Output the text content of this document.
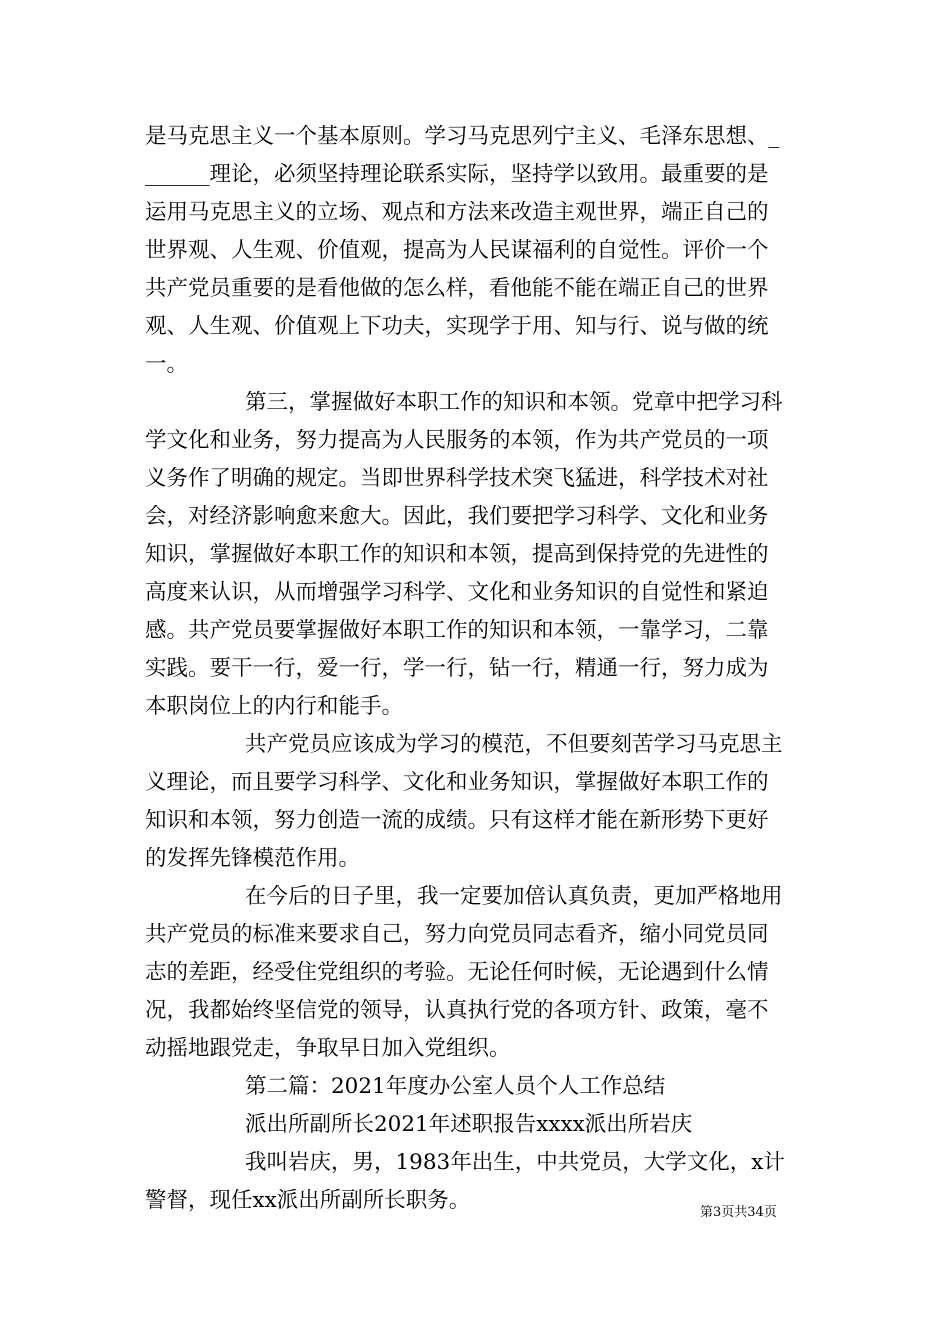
是马克思主义一个基本原则。学习马克思列宁主义、毛泽东思想、_
______理论，必须坚持理论联系实际，坚持学以致用。最重要的是
运用马克思主义的立场、观点和方法来改造主观世界，端正自己的
世界观、人生观、价值观，提高为人民谋福利的自觉性。评价一个
共产党员重要的是看他做的怎么样，看他能不能在端正自己的世界
观、人生观、价值观上下功夫，实现学于用、知与行、说与做的统
一。
第三，掌握做好本职工作的知识和本领。党章中把学习科
学文化和业务，努力提高为人民服务的本领，作为共产党员的一项
义务作了明确的规定。当即世界科学技术突飞猛进，科学技术对社
会，对经济影响愈来愈大。因此，我们要把学习科学、文化和业务
知识，掌握做好本职工作的知识和本领，提高到保持党的先进性的
高度来认识，从而增强学习科学、文化和业务知识的自觉性和紧迫
感。共产党员要掌握做好本职工作的知识和本领，一靠学习，二靠
实践。要干一行，爱一行，学一行，钻一行，精通一行，努力成为
本职岗位上的内行和能手。
共产党员应该成为学习的模范，不但要刻苦学习马克思主
义理论，而且要学习科学、文化和业务知识，掌握做好本职工作的
知识和本领，努力创造一流的成绩。只有这样才能在新形势下更好
的发挥先锋模范作用。
在今后的日子里，我一定要加倍认真负责，更加严格地用
共产党员的标准来要求自己，努力向党员同志看齐，缩小同党员同
志的差距，经受住党组织的考验。无论任何时候，无论遇到什么情
况，我都始终坚信党的领导，认真执行党的各项方针、政策，毫不
动摇地跟党走，争取早日加入党组织。
第二篇：2021年度办公室人员个人工作总结
派出所副所长2021年述职报告xxxx派出所岩庆
我叫岩庆，男，1983年出生，中共党员，大学文化，x计
警督，现任xx派出所副所长职务。	第3页共34页
